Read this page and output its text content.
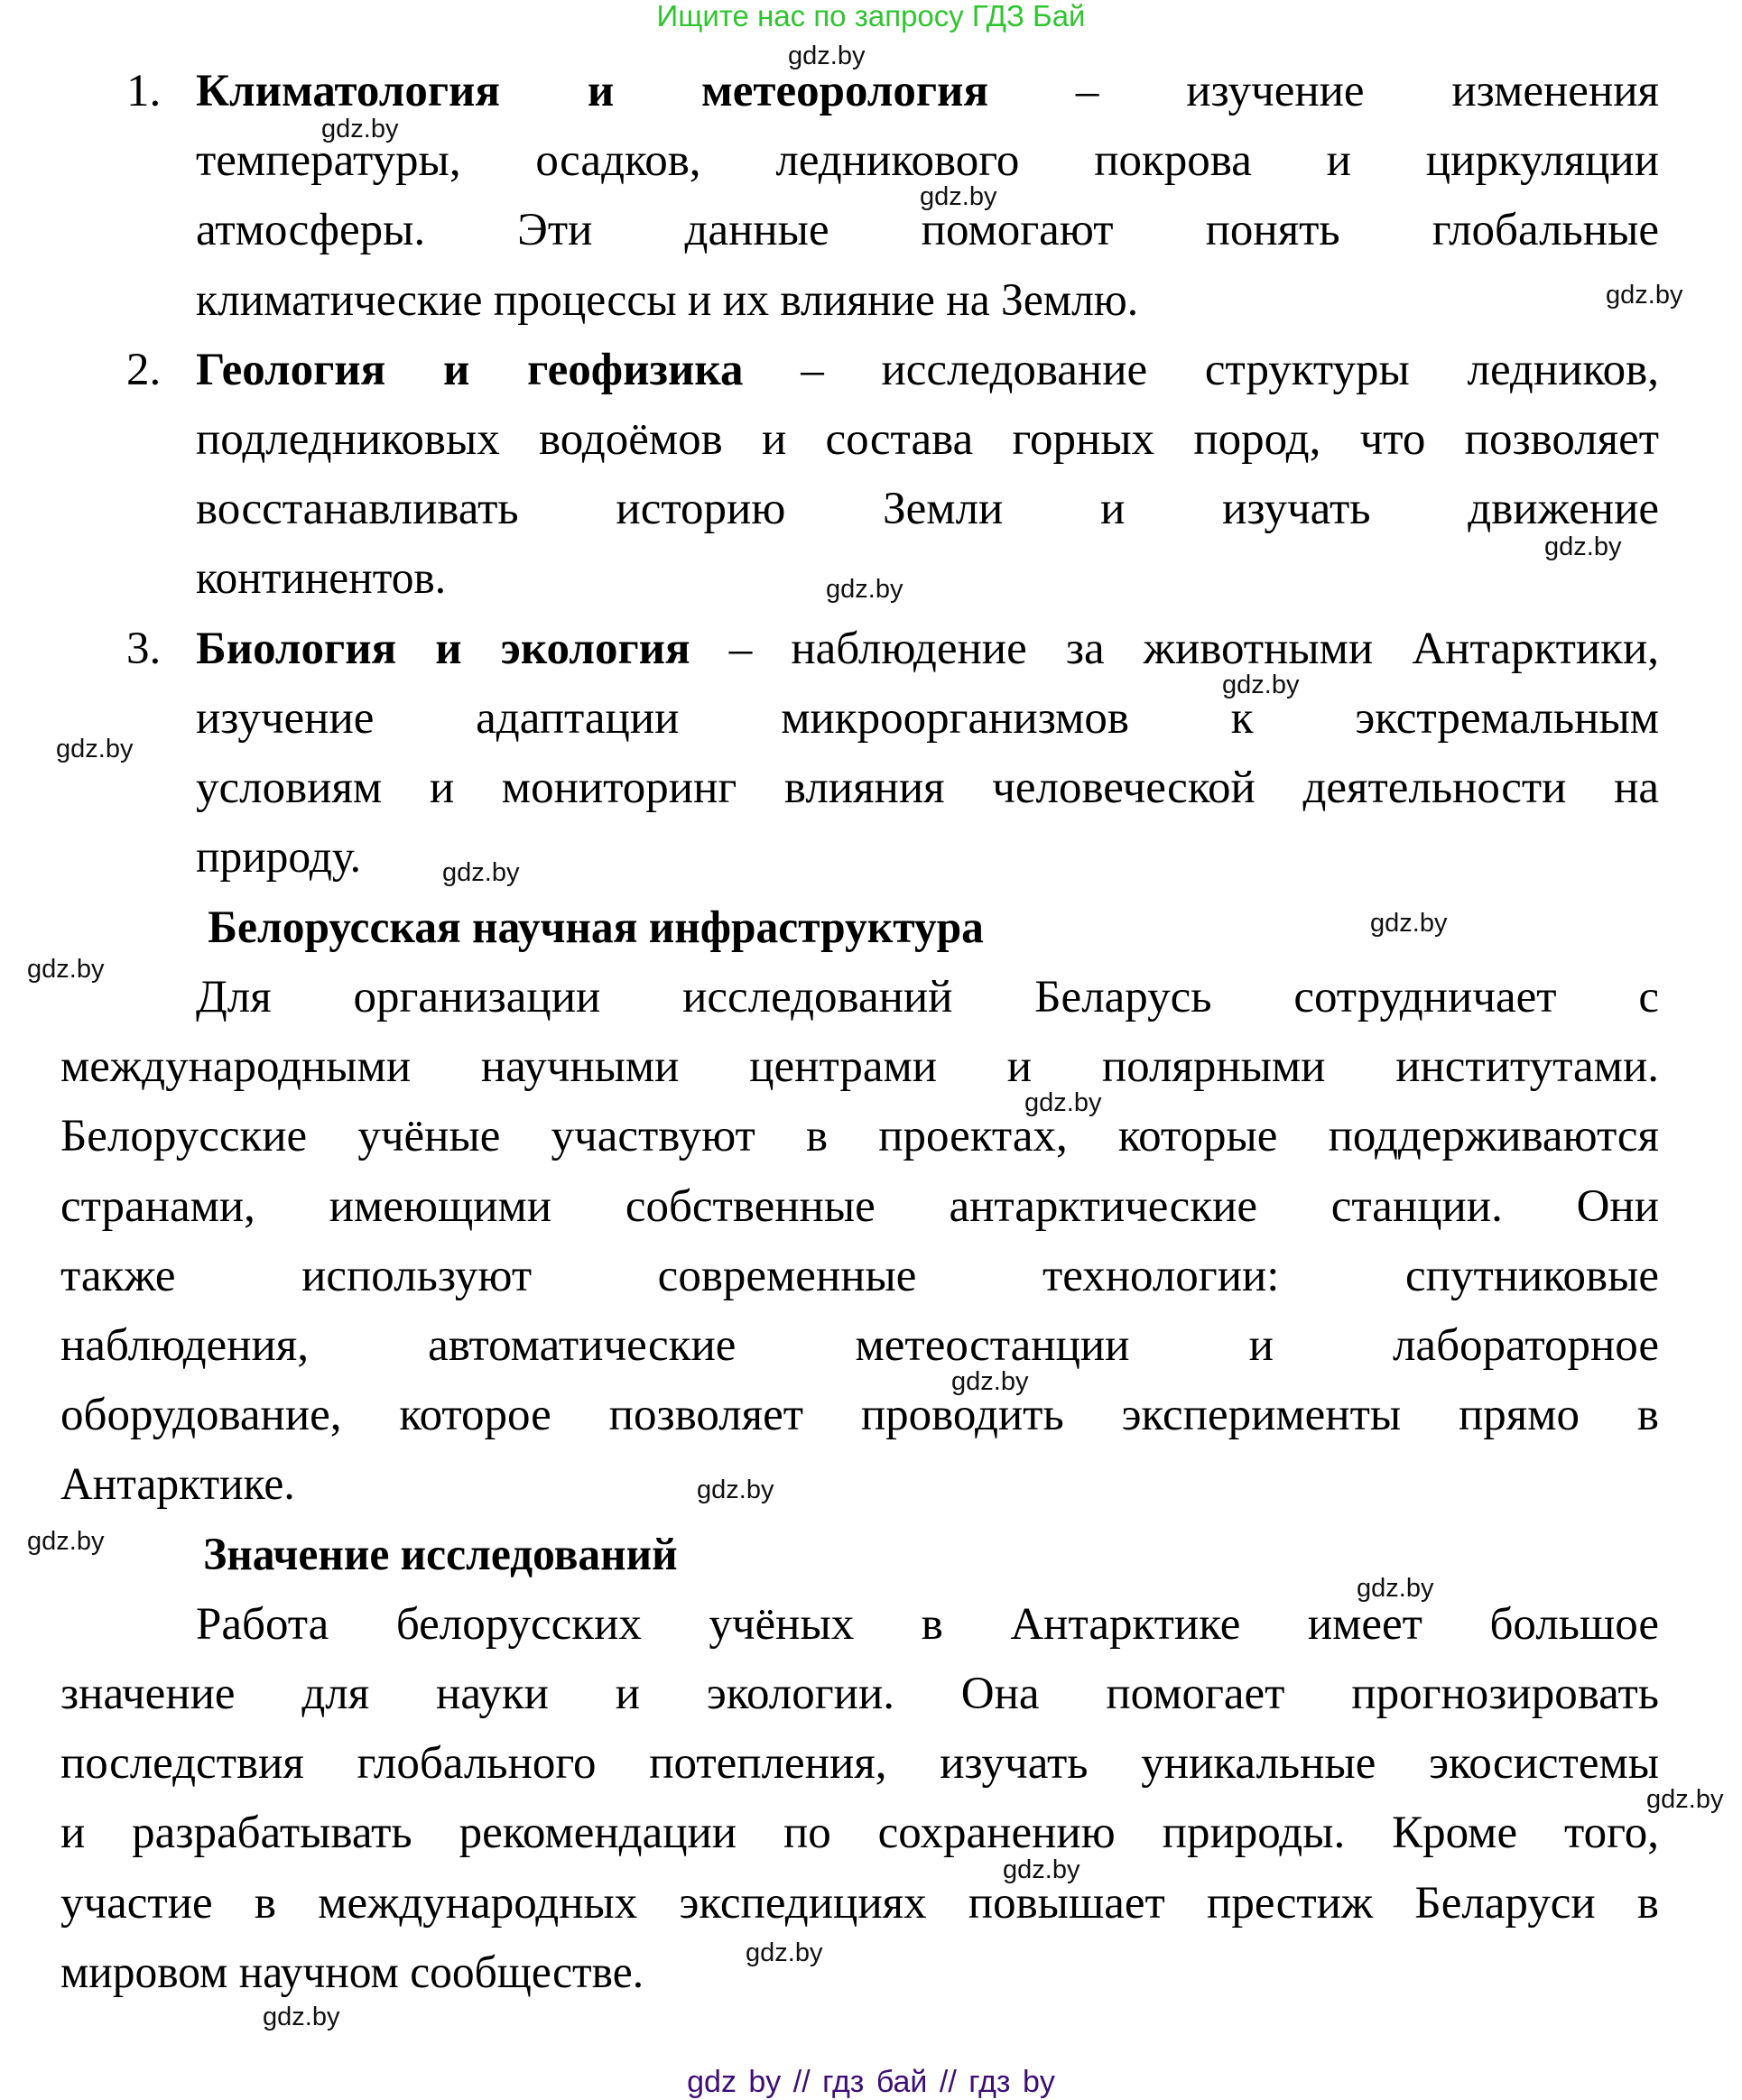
Ищите нас по запросу ГДЗ Бай
1. Климатология и метеорология – изучение изменения
температуры, осадков, ледникового покрова и циркуляции
атмосферы. Эти данные помогают понять глобальные
климатические процессы и их влияние на Землю.
2. Геология и геофизика – исследование структуры ледников,
подледниковых водоёмов и состава горных пород, что позволяет
восстанавливать историю Земли и изучать движение
континентов.
3. Биология и экология – наблюдение за животными Антарктики,
изучение адаптации микроорганизмов к экстремальным
условиям и мониторинг влияния человеческой деятельности на
природу.
Белорусская научная инфраструктура
Для организации исследований Беларусь сотрудничает с
международными научными центрами и полярными институтами.
Белорусские учёные участвуют в проектах, которые поддерживаются
странами, имеющими собственные антарктические станции. Они
также используют современные технологии: спутниковые
наблюдения, автоматические метеостанции и лабораторное
оборудование, которое позволяет проводить эксперименты прямо в
Антарктике.
Значение исследований
Работа белорусских учёных в Антарктике имеет большое
значение для науки и экологии. Она помогает прогнозировать
последствия глобального потепления, изучать уникальные экосистемы
и разрабатывать рекомендации по сохранению природы. Кроме того,
участие в международных экспедициях повышает престиж Беларуси в
мировом научном сообществе.
gdz.by
gdz.by
gdz.by
gdz.by
gdz.by
gdz.by
gdz.by
gdz.by
gdz.by
gdz.by
gdz.by
gdz.by
gdz.by
gdz.by
gdz.by
gdz.by
gdz.by
gdz.by
gdz.by
gdz.by
gdz by // гдз бай // гдз by
